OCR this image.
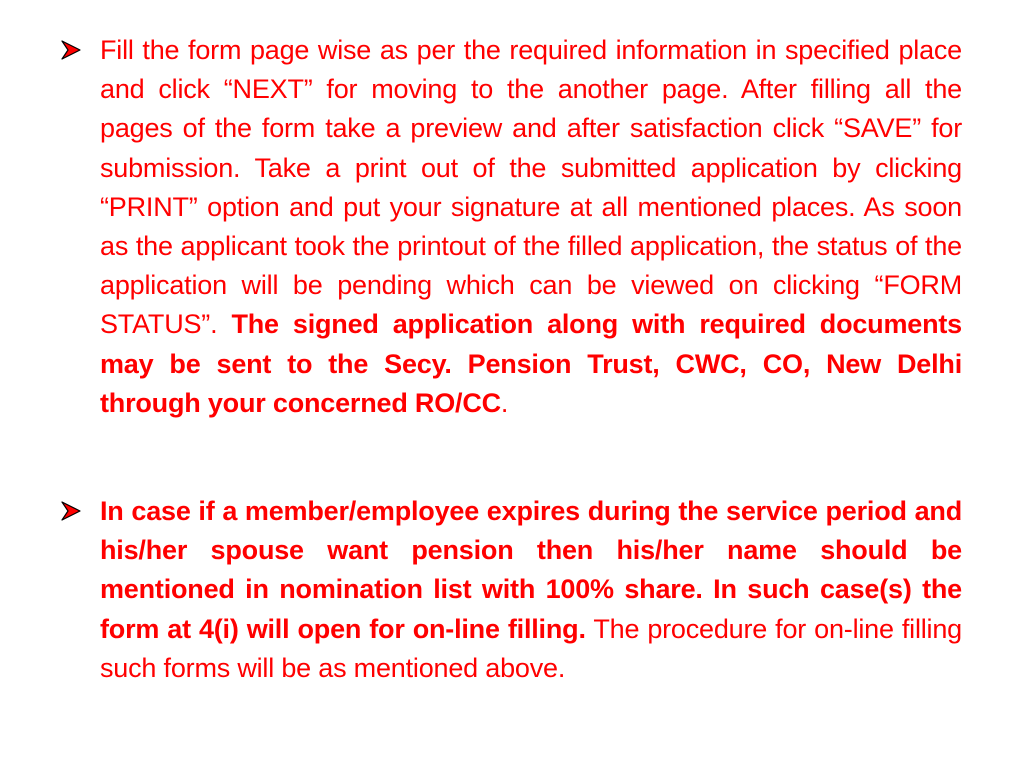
Fill the form page wise as per the required information in specified place and click “NEXT” for moving to the another page. After filling all the pages of the form take a preview and after satisfaction click “SAVE” for submission. Take a print out of the submitted application by clicking “PRINT” option and put your signature at all mentioned places. As soon as the applicant took the printout of the filled application, the status of the application will be pending which can be viewed on clicking “FORM STATUS”. The signed application along with required documents may be sent to the Secy. Pension Trust, CWC, CO, New Delhi through your concerned RO/CC.
In case if a member/employee expires during the service period and his/her spouse want pension then his/her name should be mentioned in nomination list with 100% share. In such case(s) the form at 4(i) will open for on-line filling. The procedure for on-line filling such forms will be as mentioned above.
